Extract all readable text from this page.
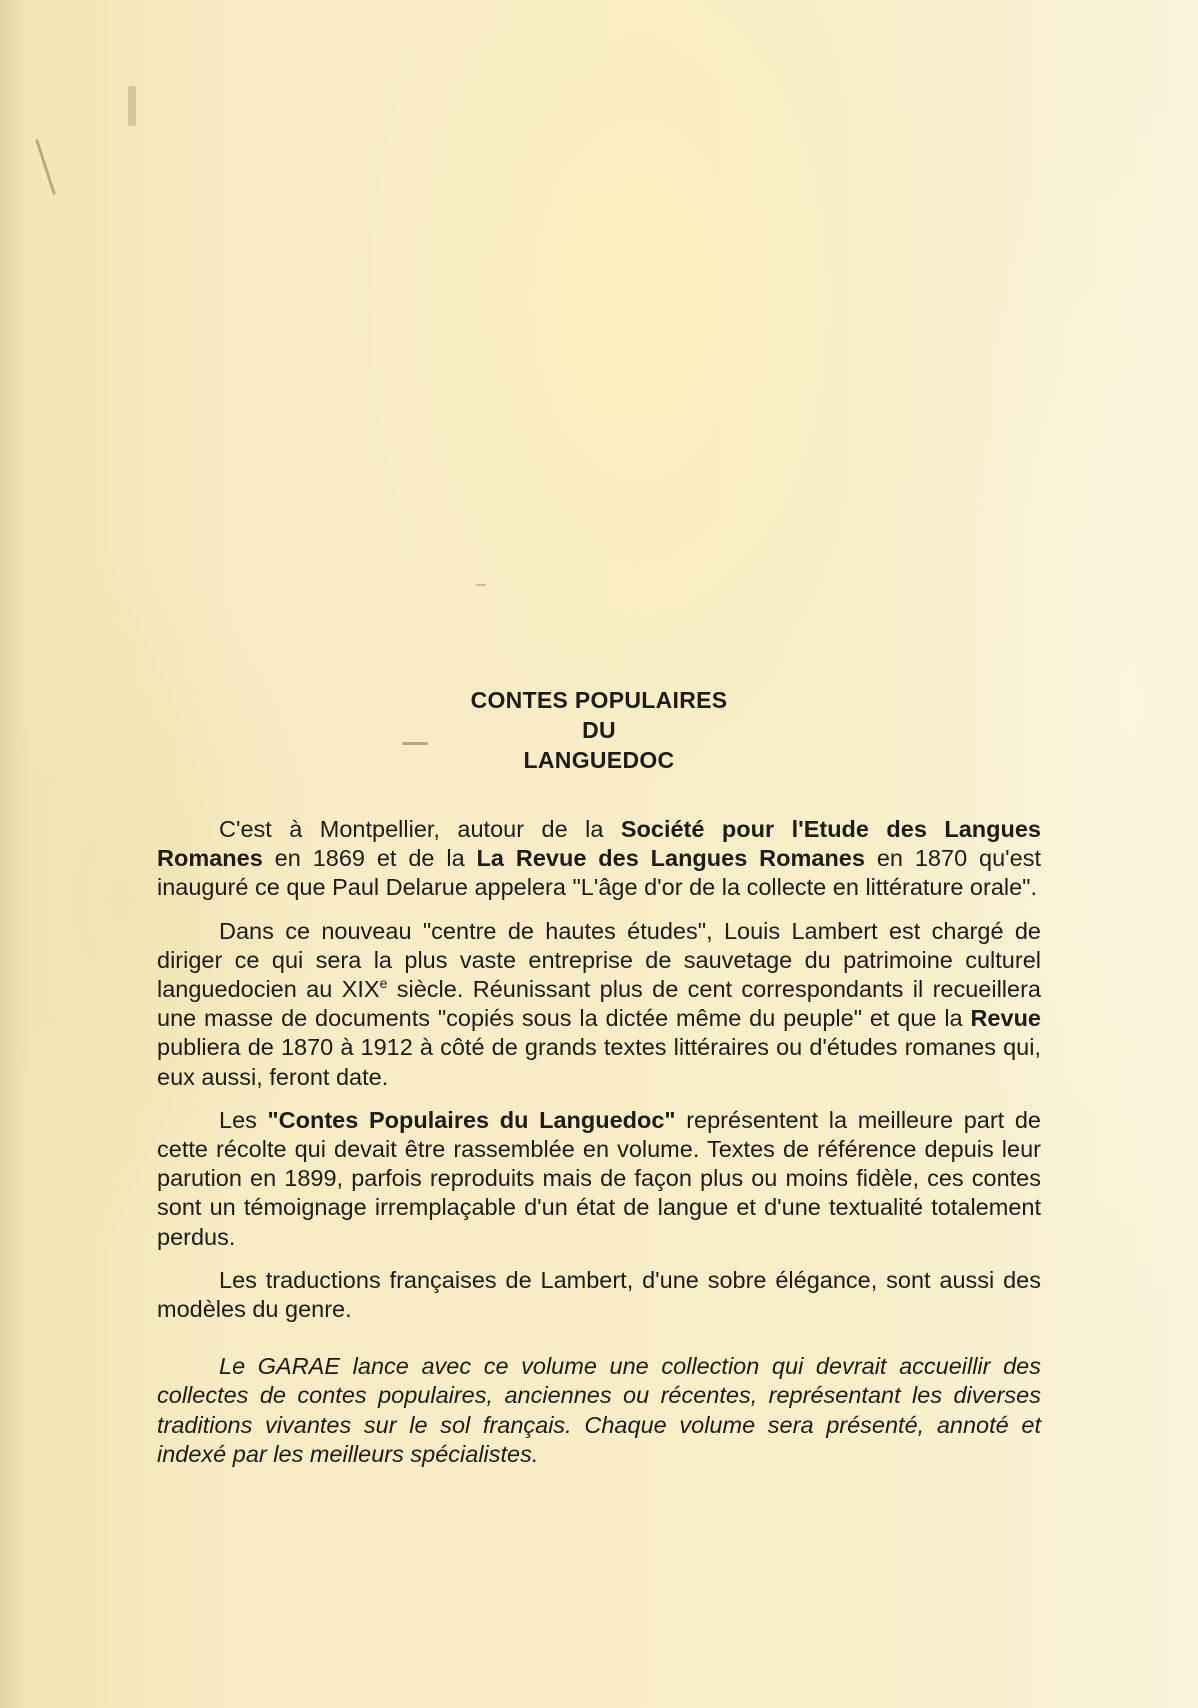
CONTES POPULAIRES
DU
LANGUEDOC

C'est à Montpellier, autour de la Société pour l'Etude des Langues Romanes en 1869 et de la La Revue des Langues Romanes en 1870 qu'est inauguré ce que Paul Delarue appelera "L'âge d'or de la collecte en littérature orale".

Dans ce nouveau "centre de hautes études", Louis Lambert est chargé de diriger ce qui sera la plus vaste entreprise de sauvetage du patrimoine culturel languedocien au XIXe siècle. Réunissant plus de cent correspondants il recueillera une masse de documents "copiés sous la dictée même du peuple" et que la Revue publiera de 1870 à 1912 à côté de grands textes littéraires ou d'études romanes qui, eux aussi, feront date.

Les "Contes Populaires du Languedoc" représentent la meilleure part de cette récolte qui devait être rassemblée en volume. Textes de référence depuis leur parution en 1899, parfois reproduits mais de façon plus ou moins fidèle, ces contes sont un témoignage irremplaçable d'un état de langue et d'une textualité totalement perdus.

Les traductions françaises de Lambert, d'une sobre élégance, sont aussi des modèles du genre.

Le GARAE lance avec ce volume une collection qui devrait accueillir des collectes de contes populaires, anciennes ou récentes, représentant les diverses traditions vivantes sur le sol français. Chaque volume sera présenté, annoté et indexé par les meilleurs spécialistes.
